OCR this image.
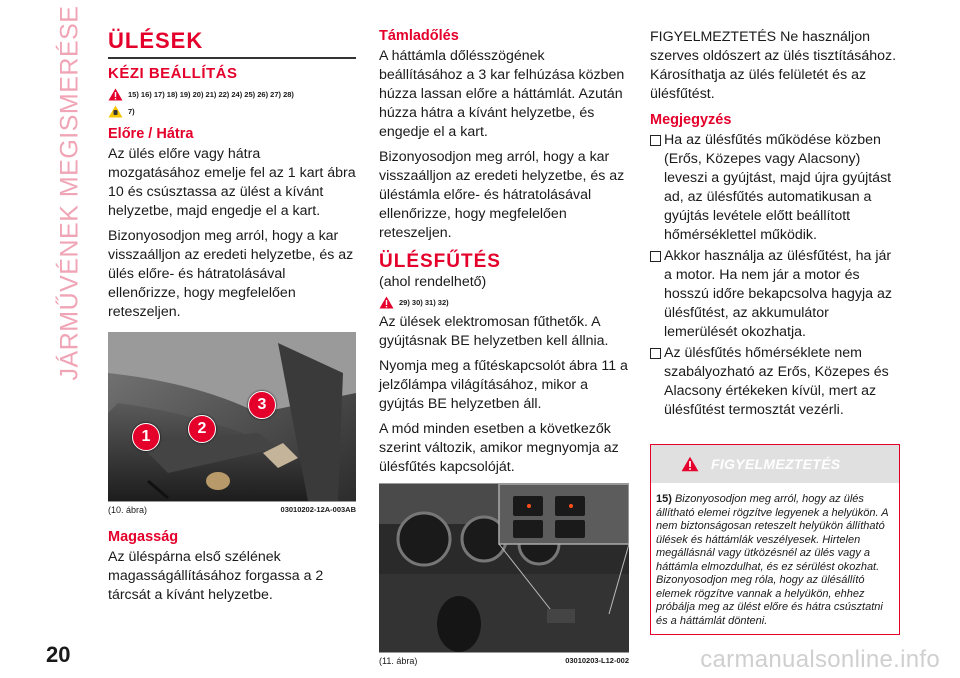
JÁRMŰVÉNEK MEGISMERÉSE ÜLÉSEK
KÉZI BEÁLLÍTÁS
15) 16) 17) 18) 19) 20) 21) 22) 24) 25) 26) 27) 28)
7)
Előre / Hátra

Az ülés előre vagy hátra mozgatásához emelje fel az 1 kart ábra 10 és csúsztassa az ülést a kívánt helyzetbe, majd engedje el a kart.

Bizonyosodjon meg arról, hogy a kar visszaálljon az eredeti helyzetbe, és az ülés előre- és hátratolásával ellenőrizze, hogy megfelelően reteszeljen.

1	2
3
(10. ábra)	03010202-12A-003AB
Magasság

Az üléspárna első szélének magasságállításához forgassa a 2 tárcsát a kívánt helyzetbe.

Támladőlés

A háttámla dőlésszögének beállításához a 3 kar felhúzása közben húzza lassan előre a háttámlát. Azután húzza hátra a kívánt helyzetbe, és engedje el a kart.

Bizonyosodjon meg arról, hogy a kar visszaálljon az eredeti helyzetbe, és az üléstámla előre- és hátratolásával ellenőrizze, hogy megfelelően reteszeljen.

ÜLÉSFŰTÉS

(ahol rendelhető)

29) 30) 31) 32)

Az ülések elektromosan fűthetők. A gyújtásnak BE helyzetben kell állnia.

Nyomja meg a fűtéskapcsolót ábra 11 a jelzőlámpa világításához, mikor a gyújtás BE helyzetben áll.

A mód minden esetben a következők szerint változik, amikor megnyomja az ülésfűtés kapcsolóját.

(11. ábra)	03010203-L12-002

FIGYELMEZTETÉS Ne használjon szerves oldószert az ülés tisztításához. Károsíthatja az ülés felületét és az ülésfűtést.

Megjegyzés

Ha az ülésfűtés működése közben (Erős, Közepes vagy Alacsony) leveszi a gyújtást, majd újra gyújtást ad, az ülésfűtés automatikusan a gyújtás levétele előtt beállított hőmérséklettel működik.

Akkor használja az ülésfűtést, ha jár a motor. Ha nem jár a motor és hosszú időre bekapcsolva hagyja az ülésfűtést, az akkumulátor lemerülését okozhatja.

Az ülésfűtés hőmérséklete nem szabályozható az Erős, Közepes és Alacsony értékeken kívül, mert az ülésfűtést termosztát vezérli.

FIGYELMEZTETÉS
15) Bizonyosodjon meg arról, hogy az ülés állítható elemei rögzítve legyenek a helyükön. A nem biztonságosan reteszelt helyükön állítható ülések és háttámlák veszélyesek. Hirtelen megállásnál vagy ütközésnél az ülés vagy a háttámla elmozdulhat, és ez sérülést okozhat. Bizonyosodjon meg róla, hogy az ülésállító elemek rögzítve vannak a helyükön, ehhez próbálja meg az ülést előre és hátra csúsztatni és a háttámlát dönteni.
20	carmanualsonline.info
